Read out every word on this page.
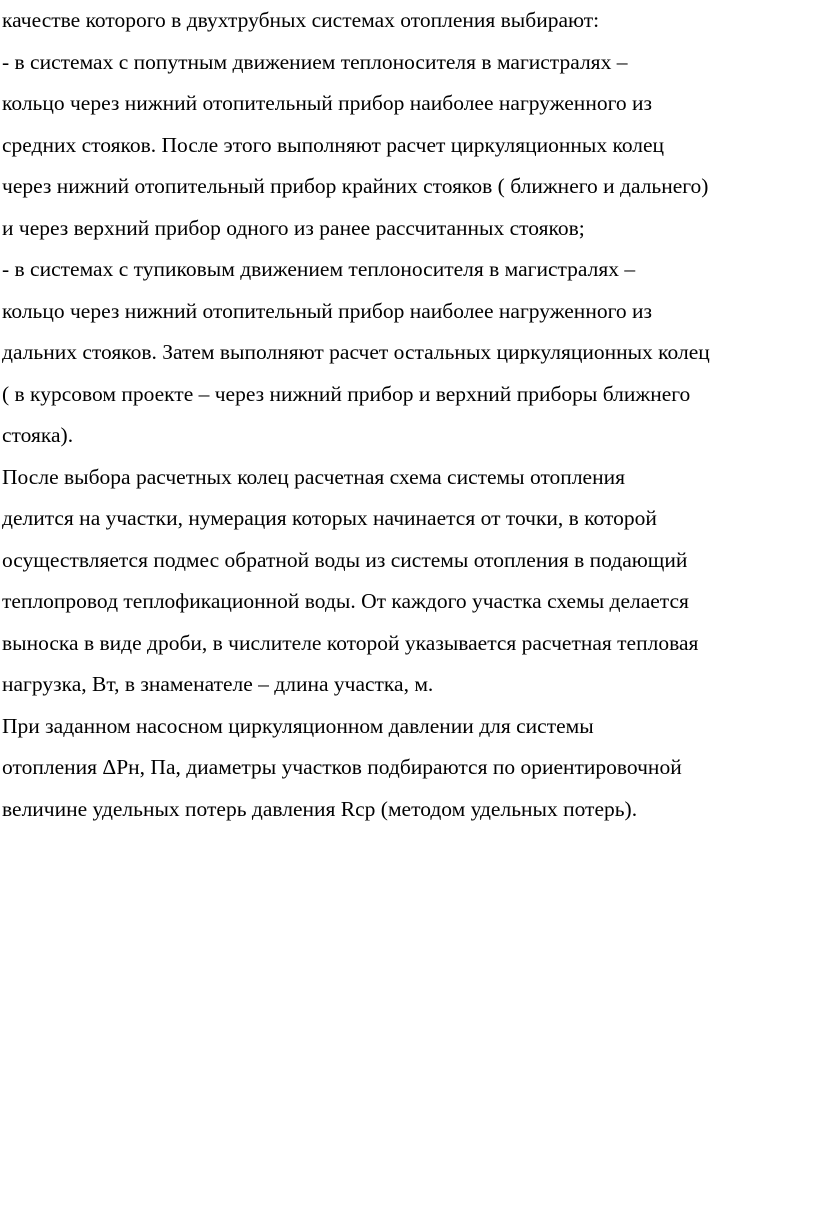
качестве которого в двухтрубных системах отопления выбирают:
- в системах с попутным движением теплоносителя в магистралях –
кольцо через нижний отопительный прибор наиболее нагруженного из
средних стояков. После этого выполняют расчет циркуляционных колец
через нижний отопительный прибор крайних стояков ( ближнего и дальнего)
и через верхний прибор одного из ранее рассчитанных стояков;
- в системах с тупиковым движением теплоносителя в магистралях –
кольцо через нижний отопительный прибор наиболее нагруженного из
дальних стояков. Затем выполняют расчет остальных циркуляционных колец
( в курсовом проекте – через нижний прибор и верхний приборы ближнего
стояка).
После выбора расчетных колец расчетная схема системы отопления
делится на участки, нумерация которых начинается от точки, в которой
осуществляется подмес обратной воды из системы отопления в подающий
теплопровод теплофикационной воды. От каждого участка схемы делается
выноска в виде дроби, в числителе которой указывается расчетная тепловая
нагрузка, Вт, в знаменателе – длина участка, м.
При заданном насосном циркуляционном давлении для системы
отопления ΔPн, Па, диаметры участков подбираются по ориентировочной
величине удельных потерь давления Rср (методом удельных потерь).
